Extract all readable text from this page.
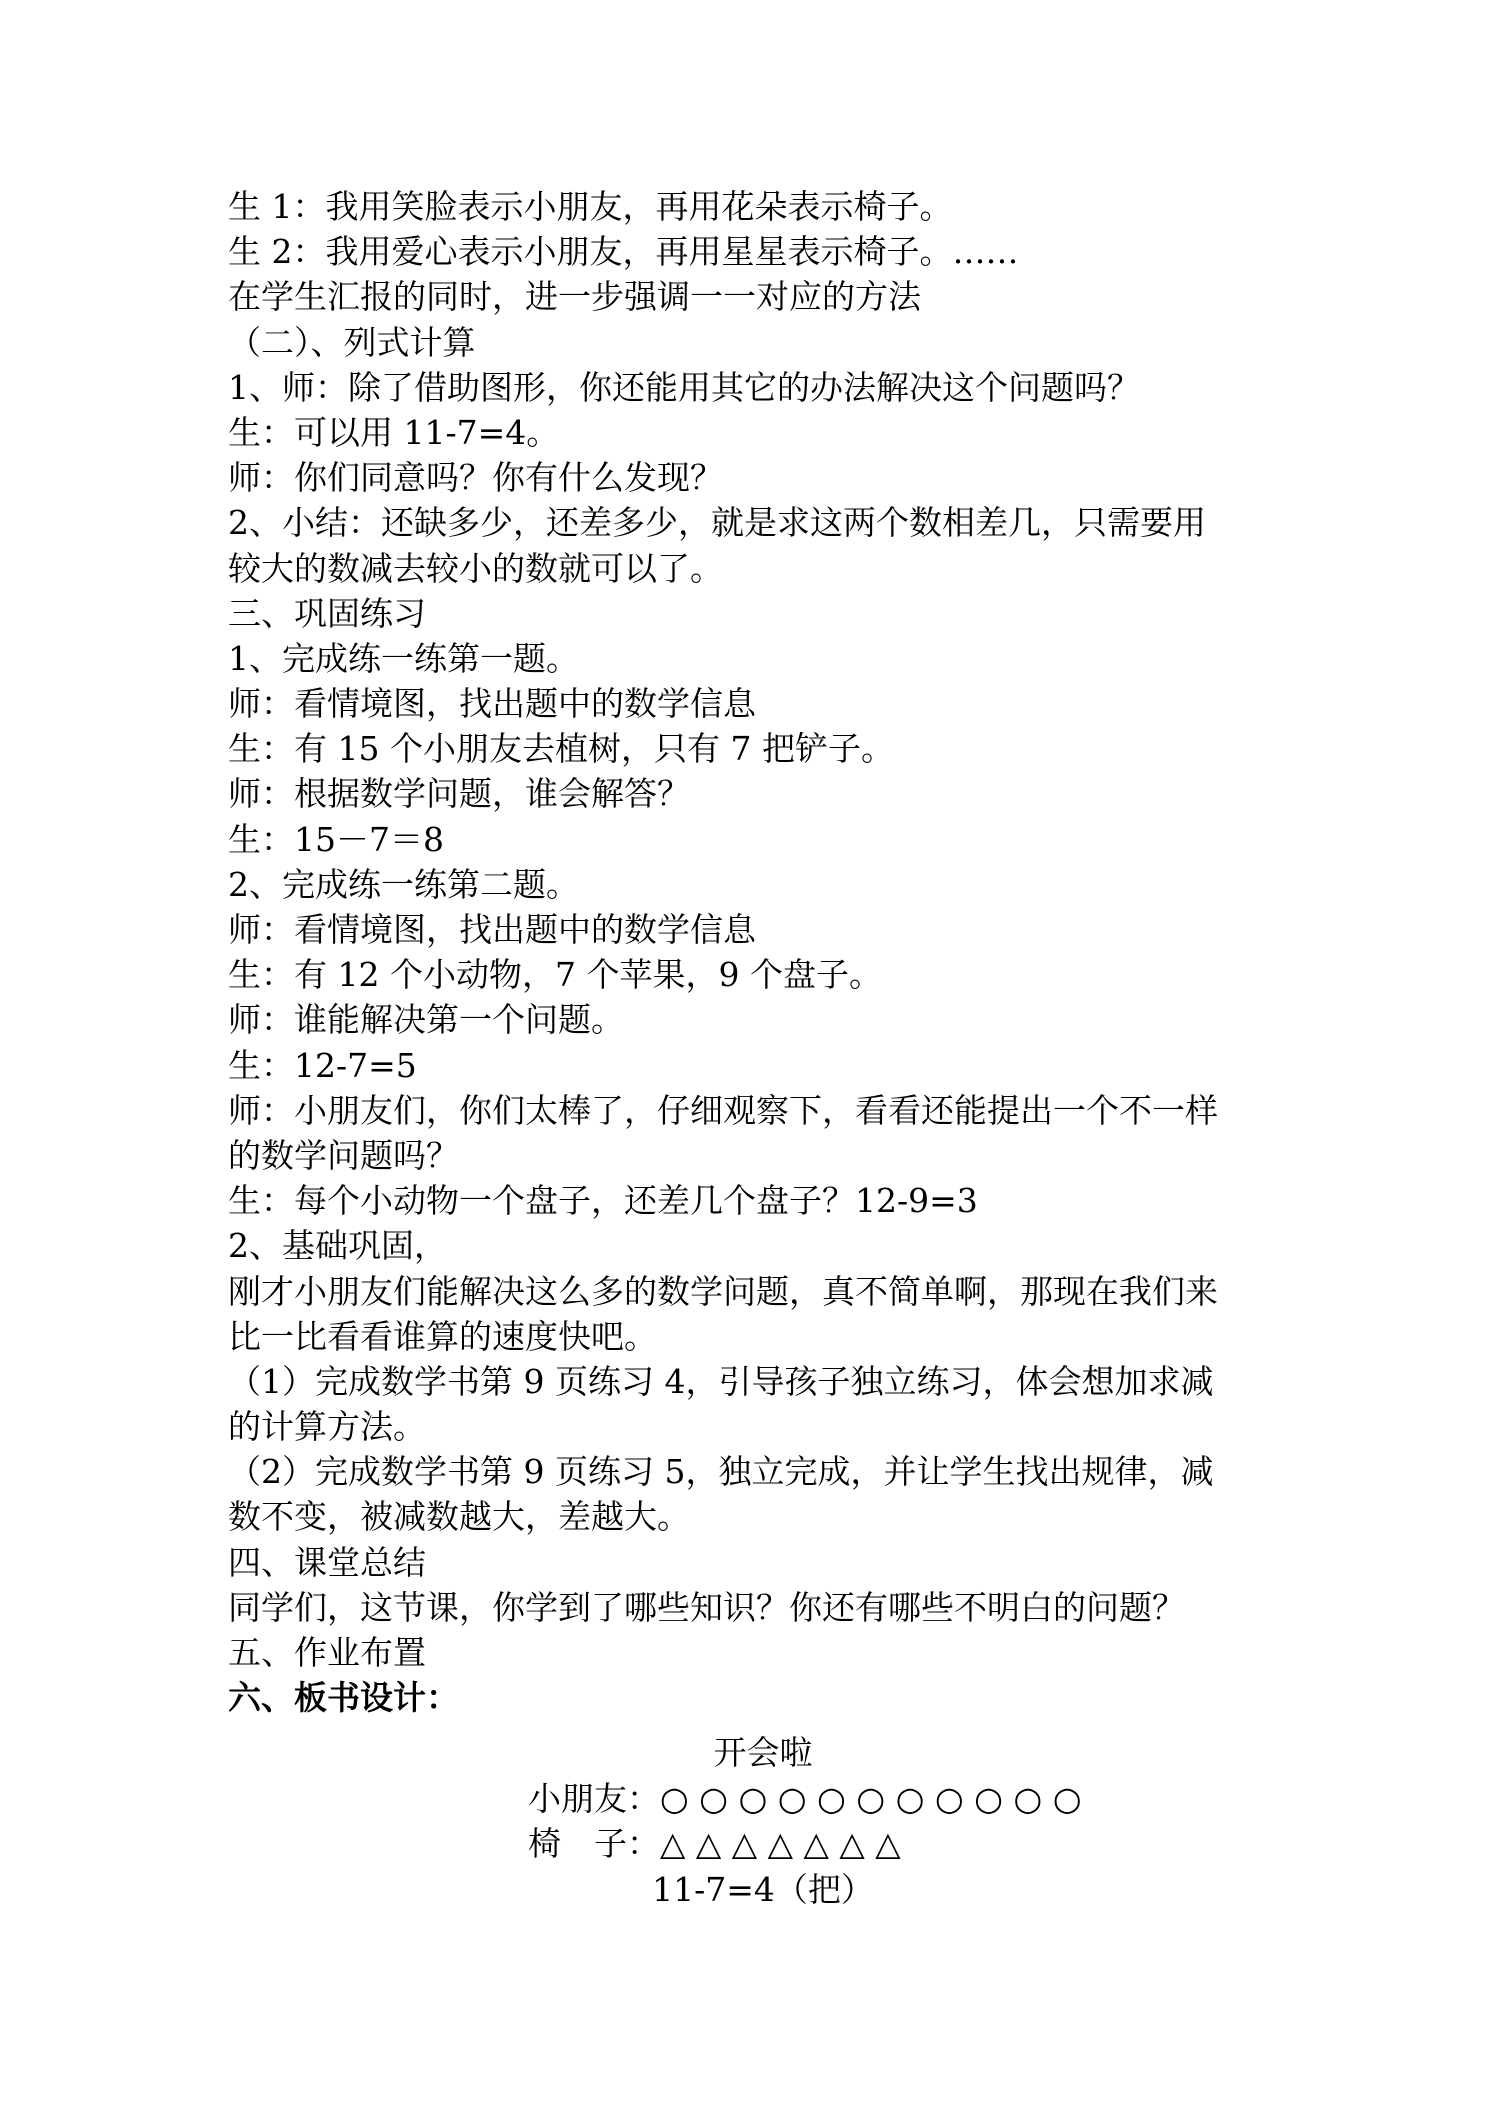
生 1：我用笑脸表示小朋友，再用花朵表示椅子。
生 2：我用爱心表示小朋友，再用星星表示椅子。……
在学生汇报的同时，进一步强调一一对应的方法
（二）、列式计算
1、师：除了借助图形，你还能用其它的办法解决这个问题吗？
生：可以用 11-7=4。
师：你们同意吗？你有什么发现？
2、小结：还缺多少，还差多少，就是求这两个数相差几，只需要用
较大的数减去较小的数就可以了。
三、巩固练习
1、完成练一练第一题。
师：看情境图，找出题中的数学信息
生：有 15 个小朋友去植树，只有 7 把铲子。
师：根据数学问题，谁会解答？
生：15－7＝8
2、完成练一练第二题。
师：看情境图，找出题中的数学信息
生：有 12 个小动物，7 个苹果，9 个盘子。
师：谁能解决第一个问题。
生：12-7=5
师：小朋友们，你们太棒了，仔细观察下，看看还能提出一个不一样
的数学问题吗？
生：每个小动物一个盘子，还差几个盘子？12-9=3
2、基础巩固，
刚才小朋友们能解决这么多的数学问题，真不简单啊，那现在我们来
比一比看看谁算的速度快吧。
（1）完成数学书第 9 页练习 4，引导孩子独立练习，体会想加求减
的计算方法。
（2）完成数学书第 9 页练习 5，独立完成，并让学生找出规律，减
数不变，被减数越大，差越大。
四、课堂总结
同学们，这节课，你学到了哪些知识？你还有哪些不明白的问题？
五、作业布置
六、板书设计：
开会啦
小朋友：○ ○ ○ ○ ○ ○ ○ ○ ○ ○ ○
椅　子：△ △ △ △ △ △ △
11-7=4（把）
